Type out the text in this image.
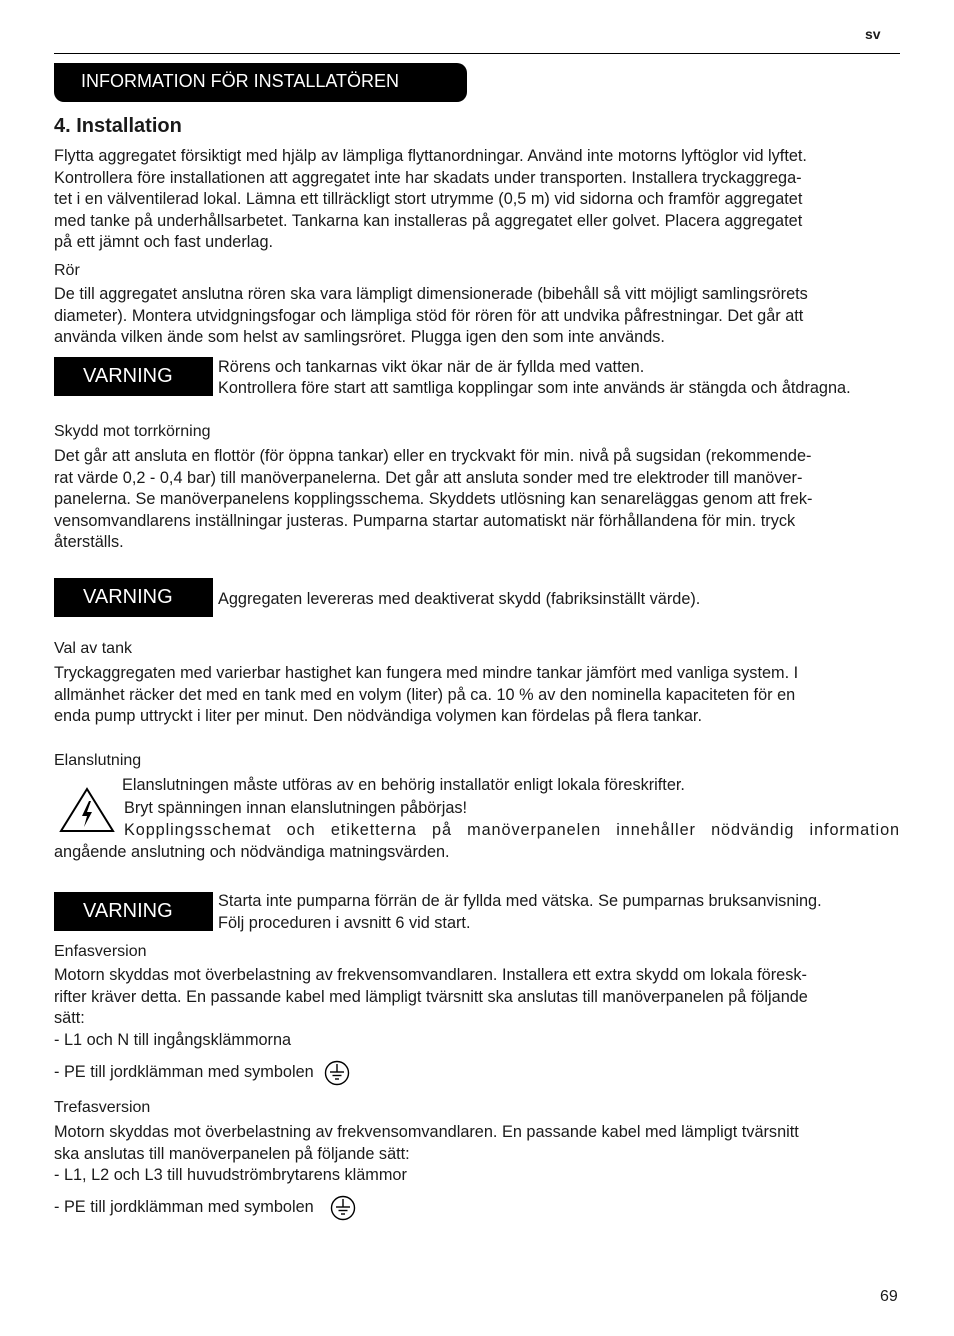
sv
INFORMATION FÖR INSTALLATÖREN
4. Installation
Flytta aggregatet försiktigt med hjälp av lämpliga flyttanordningar. Använd inte motorns lyftöglor vid lyftet.
Kontrollera före installationen att aggregatet inte har skadats under transporten. Installera tryckaggrega-
tet i en välventilerad lokal. Lämna ett tillräckligt stort utrymme (0,5 m) vid sidorna och framför aggregatet
med tanke på underhållsarbetet. Tankarna kan installeras på aggregatet eller golvet. Placera aggregatet
på ett jämnt och fast underlag.
Rör
De till aggregatet anslutna rören ska vara lämpligt dimensionerade (bibehåll så vitt möjligt samlingsrörets
diameter). Montera utvidgningsfogar och lämpliga stöd för rören för att undvika påfrestningar. Det går att
använda vilken ände som helst av samlingsröret. Plugga igen den som inte används.
VARNING	Rörens och tankarnas vikt ökar när de är fyllda med vatten.
Kontrollera före start att samtliga kopplingar som inte används är stängda och åtdragna.
Skydd mot torrkörning
Det går att ansluta en flottör (för öppna tankar) eller en tryckvakt för min. nivå på sugsidan (rekommende-
rat värde 0,2 - 0,4 bar) till manöverpanelerna. Det går att ansluta sonder med tre elektroder till manöver-
panelerna. Se manöverpanelens kopplingsschema. Skyddets utlösning kan senareläggas genom att frek-
vensomvandlarens inställningar justeras. Pumparna startar automatiskt när förhållandena för min. tryck
återställs.
VARNING	Aggregaten levereras med deaktiverat skydd (fabriksinställt värde).
Val av tank
Tryckaggregaten med varierbar hastighet kan fungera med mindre tankar jämfört med vanliga system. I
allmänhet räcker det med en tank med en volym (liter) på ca. 10 % av den nominella kapaciteten för en
enda pump uttryckt i liter per minut. Den nödvändiga volymen kan fördelas på flera tankar.
Elanslutning
Elanslutningen måste utföras av en behörig installatör enligt lokala föreskrifter.
Bryt spänningen innan elanslutningen påbörjas!
Kopplingsschemat och etiketterna på manöverpanelen innehåller nödvändig information
angående anslutning och nödvändiga matningsvärden.
VARNING	Starta inte pumparna förrän de är fyllda med vätska. Se pumparnas bruksanvisning.
Följ proceduren i avsnitt 6 vid start.
Enfasversion
Motorn skyddas mot överbelastning av frekvensomvandlaren. Installera ett extra skydd om lokala föresk-
rifter kräver detta. En passande kabel med lämpligt tvärsnitt ska anslutas till manöverpanelen på följande
sätt:
- L1 och N till ingångsklämmorna
- PE till jordklämman med symbolen
Trefasversion
Motorn skyddas mot överbelastning av frekvensomvandlaren. En passande kabel med lämpligt tvärsnitt
ska anslutas till manöverpanelen på följande sätt:
- L1, L2 och L3 till huvudströmbrytarens klämmor
- PE till jordklämman med symbolen
69
